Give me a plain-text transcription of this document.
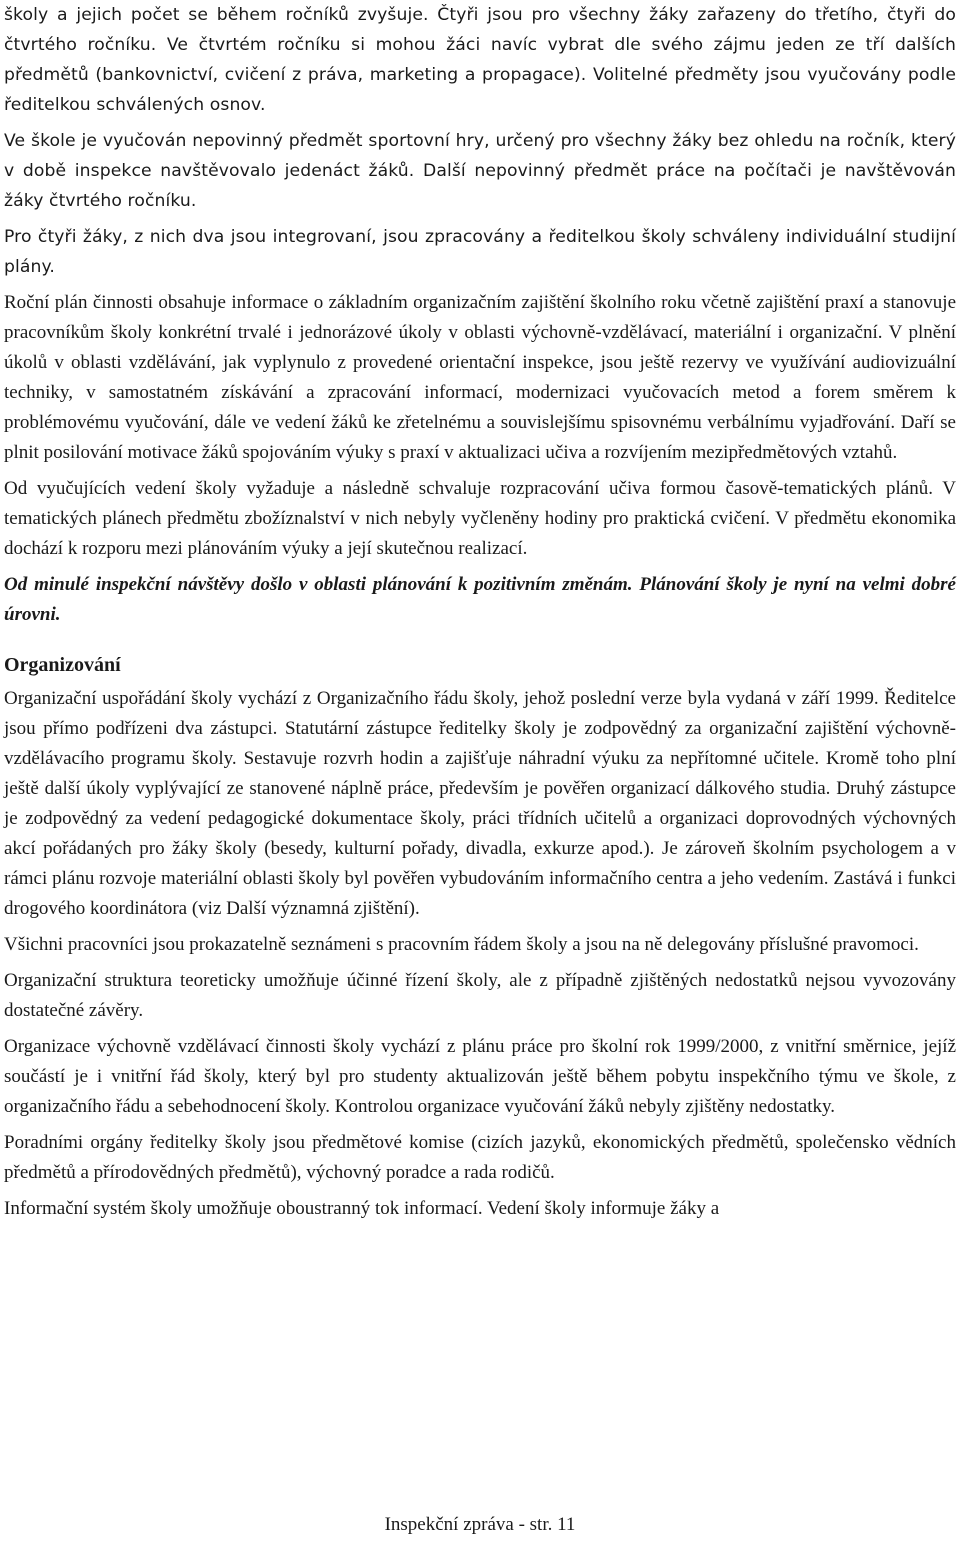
školy a jejich počet se během ročníků zvyšuje. Čtyři jsou pro všechny žáky zařazeny do třetího, čtyři do čtvrtého ročníku. Ve čtvrtém ročníku si mohou žáci navíc vybrat dle svého zájmu jeden ze tří dalších předmětů (bankovnictví, cvičení z práva, marketing a propagace). Volitelné předměty jsou vyučovány podle ředitelkou schválených osnov.

Ve škole je vyučován nepovinný předmět sportovní hry, určený pro všechny žáky bez ohledu na ročník, který v době inspekce navštěvovalo jedenáct žáků. Další nepovinný předmět práce na počítači je navštěvován žáky čtvrtého ročníku.

Pro čtyři žáky, z nich dva jsou integrovaní, jsou zpracovány a ředitelkou školy schváleny individuální studijní plány.

Roční plán činnosti obsahuje informace o základním organizačním zajištění školního roku včetně zajištění praxí a stanovuje pracovníkům školy konkrétní trvalé i jednorázové úkoly v oblasti výchovně-vzdělávací, materiální i organizační. V plnění úkolů v oblasti vzdělávání, jak vyplynulo z provedené orientační inspekce, jsou ještě rezervy ve využívání audiovizuální techniky, v samostatném získávání a zpracování informací, modernizaci vyučovacích metod a forem směrem k problémovému vyučování, dále ve vedení žáků ke zřetelnému a souvislejšímu spisovnému verbálnímu vyjadřování. Daří se plnit posilování motivace žáků spojováním výuky s praxí v aktualizaci učiva a rozvíjením mezipředmětových vztahů.

Od vyučujících vedení školy vyžaduje a následně schvaluje rozpracování učiva formou časově-tematických plánů. V tematických plánech předmětu zbožíznalství v nich nebyly vyčleněny hodiny pro praktická cvičení. V předmětu ekonomika dochází k rozporu mezi plánováním výuky a její skutečnou realizací.

Od minulé inspekční návštěvy došlo v oblasti plánování k pozitivním změnám. Plánování školy je nyní na velmi dobré úrovni.

Organizování

Organizační uspořádání školy vychází z Organizačního řádu školy, jehož poslední verze byla vydaná v září 1999. Ředitelce jsou přímo podřízeni dva zástupci. Statutární zástupce ředitelky školy je zodpovědný za organizační zajištění výchovně-vzdělávacího programu školy. Sestavuje rozvrh hodin a zajišťuje náhradní výuku za nepřítomné učitele. Kromě toho plní ještě další úkoly vyplývající ze stanovené náplně práce, především je pověřen organizací dálkového studia. Druhý zástupce je zodpovědný za vedení pedagogické dokumentace školy, práci třídních učitelů a organizaci doprovodných výchovných akcí pořádaných pro žáky školy (besedy, kulturní pořady, divadla, exkurze apod.). Je zároveň školním psychologem a v rámci plánu rozvoje materiální oblasti školy byl pověřen vybudováním informačního centra a jeho vedením. Zastává i funkci drogového koordinátora (viz Další významná zjištění).

Všichni pracovníci jsou prokazatelně seznámeni s pracovním řádem školy a jsou na ně delegovány příslušné pravomoci.

Organizační struktura teoreticky umožňuje účinné řízení školy, ale z případně zjištěných nedostatků nejsou vyvozovány dostatečné závěry.

Organizace výchovně vzdělávací činnosti školy vychází z plánu práce pro školní rok 1999/2000, z vnitřní směrnice, jejíž součástí je i vnitřní řád školy, který byl pro studenty aktualizován ještě během pobytu inspekčního týmu ve škole, z organizačního řádu a sebehodnocení školy. Kontrolou organizace vyučování žáků nebyly zjištěny nedostatky.

Poradními orgány ředitelky školy jsou předmětové komise (cizích jazyků, ekonomických předmětů, společensko vědních předmětů a přírodovědných předmětů), výchovný poradce a rada rodičů.

Informační systém školy umožňuje oboustranný tok informací. Vedení školy informuje žáky a

Inspekční zpráva - str. 11
